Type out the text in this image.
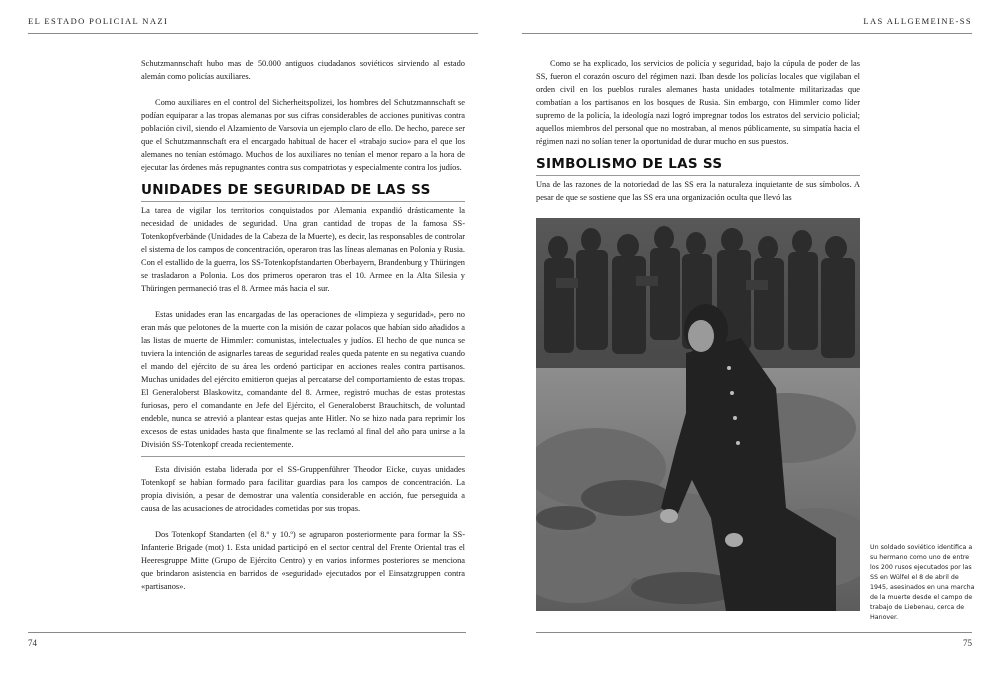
EL ESTADO POLICIAL NAZI

Schutzmannschaft hubo mas de 50.000 antiguos ciudadanos soviéticos sirviendo al estado alemán como policías auxiliares.

Como auxiliares en el control del Sicherheitspolizei, los hombres del Schutzmannschaft se podían equiparar a las tropas alemanas por sus cifras considerables de acciones punitivas contra población civil, siendo el Alzamiento de Varsovia un ejemplo claro de ello. De hecho, parece ser que el Schutzmannschaft era el encargado habitual de hacer el «trabajo sucio» para el que los alemanes no tenían estómago. Muchos de los auxiliares no tenían el menor reparo a la hora de ejecutar las órdenes más repugnantes contra sus compatriotas y especialmente contra los judíos.

UNIDADES DE SEGURIDAD DE LAS SS

La tarea de vigilar los territorios conquistados por Alemania expandió drásticamente la necesidad de unidades de seguridad. Una gran cantidad de tropas de la famosa SS-Totenkopfverbände (Unidades de la Cabeza de la Muerte), es decir, las responsables de controlar el sistema de los campos de concentración, operaron tras las líneas alemanas en Polonia y Rusia. Con el estallido de la guerra, los SS-Totenkopfstandarten Oberbayern, Brandenburg y Thüringen se trasladaron a Polonia. Los dos primeros operaron tras el 10. Armee en la Alta Silesia y Thüringen permaneció tras el 8. Armee más hacia el sur.

Estas unidades eran las encargadas de las operaciones de «limpieza y seguridad», pero no eran más que pelotones de la muerte con la misión de cazar polacos que habían sido añadidos a las listas de muerte de Himmler: comunistas, intelectuales y judíos. El hecho de que nunca se tuviera la intención de asignarles tareas de seguridad reales queda patente en su negativa cuando el mando del ejército de su área les ordenó participar en acciones reales contra partisanos. Muchas unidades del ejército emitieron quejas al percatarse del comportamiento de estas tropas. El Generaloberst Blaskowitz, comandante del 8. Armee, registró muchas de estas protestas furiosas, pero el comandante en Jefe del Ejército, el Generaloberst Brauchitsch, de voluntad endeble, nunca se atrevió a plantear estas quejas ante Hitler. No se hizo nada para reprimir los excesos de estas unidades hasta que finalmente se las reclamó al final del año para unirse a la División SS-Totenkopf creada recientemente.

Esta división estaba liderada por el SS-Gruppenführer Theodor Eicke, cuyas unidades Totenkopf se habían formado para facilitar guardias para los campos de concentración. La propia división, a pesar de demostrar una valentía considerable en acción, fue perseguida a causa de las acusaciones de atrocidades cometidas por sus tropas.

Dos Totenkopf Standarten (el 8.º y 10.º) se agruparon posteriormente para formar la SS-Infanterie Brigade (mot) 1. Esta unidad participó en el sector central del Frente Oriental tras el Heeresgruppe Mitte (Grupo de Ejército Centro) y en varios informes posteriores se menciona que brindaron asistencia en barridos de «seguridad» ejecutados por el Einsatzgruppen contra «partisanos».

74
LAS ALLGEMEINE-SS

Como se ha explicado, los servicios de policía y seguridad, bajo la cúpula de poder de las SS, fueron el corazón oscuro del régimen nazi. Iban desde los policías locales que vigilaban el orden civil en los pueblos rurales alemanes hasta unidades totalmente militarizadas que combatían a los partisanos en los bosques de Rusia. Sin embargo, con Himmler como líder supremo de la policía, la ideología nazi logró impregnar todos los estratos del servicio policial; aquellos miembros del personal que no mostraban, al menos públicamente, su simpatía hacia el régimen nazi no solían tener la oportunidad de durar mucho en sus puestos.

SIMBOLISMO DE LAS SS

Una de las razones de la notoriedad de las SS era la naturaleza inquietante de sus símbolos. A pesar de que se sostiene que las SS era una organización oculta que llevó las

Un soldado soviético identifica a su hermano como uno de entre los 200 rusos ejecutados por las SS en Wülfel el 8 de abril de 1945, asesinados en una marcha de la muerte desde el campo de trabajo de Liebenau, cerca de Hanover.
75
